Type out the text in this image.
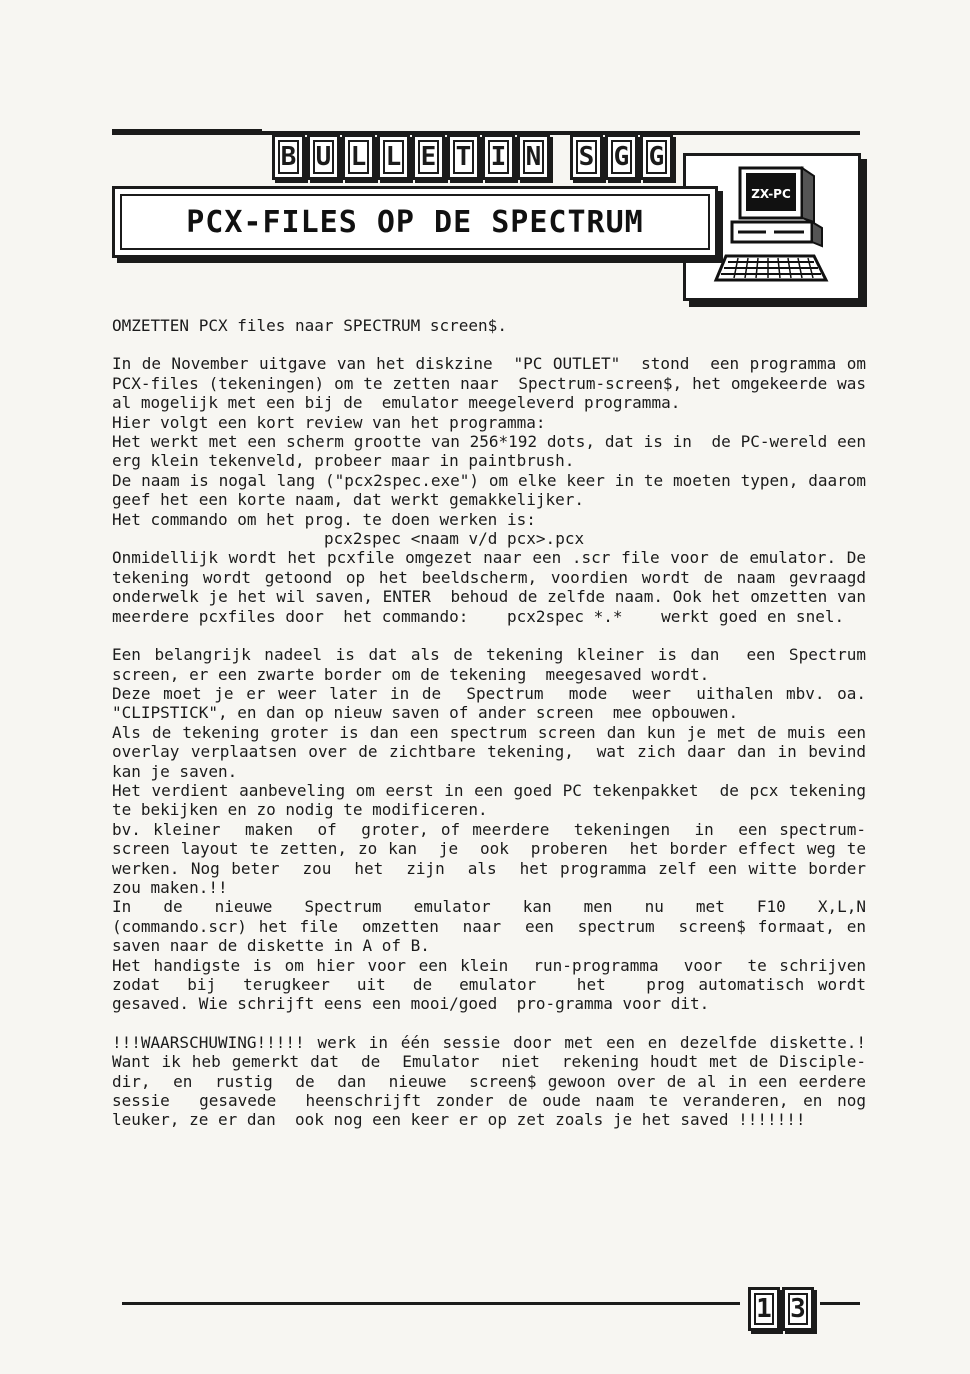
B U L L E T I N	S G G
ZX-PC
PCX-FILES OP DE SPECTRUM

OMZETTEN PCX files naar SPECTRUM screen$.

In de November uitgave van het diskzine  "PC OUTLET"  stond  een programma om PCX-files (tekeningen) om te zetten naar  Spectrum-screen$, het omgekeerde was al mogelijk met een bij de  emulator meegeleverd programma.

Hier volgt een kort review van het programma:

Het werkt met een scherm grootte van 256*192 dots, dat is in  de PC-wereld een erg klein tekenveld, probeer maar in paintbrush.

De naam is nogal lang ("pcx2spec.exe") om elke keer in te moeten typen, daarom geef het een korte naam, dat werkt gemakkelijker.

Het commando om het prog. te doen werken is:

pcx2spec <naam v/d pcx>.pcx

Onmidellijk wordt het pcxfile omgezet naar een .scr file voor de emulator. De tekening wordt getoond op het beeldscherm, voordien wordt de naam gevraagd onderwelk je het wil saven, ENTER  behoud de zelfde naam. Ook het omzetten van meerdere pcxfiles door  het commando:    pcx2spec *.*    werkt goed en snel.

Een belangrijk nadeel is dat als de tekening kleiner is dan  een Spectrum screen, er een zwarte border om de tekening  meegesaved wordt.

Deze moet je er weer later in de  Spectrum  mode  weer  uithalen mbv. oa. "CLIPSTICK", en dan op nieuw saven of ander screen  mee opbouwen.

Als de tekening groter is dan een spectrum screen dan kun je met de muis een overlay verplaatsen over de zichtbare tekening,  wat zich daar dan in bevind kan je saven.

Het verdient aanbeveling om eerst in een goed PC tekenpakket  de pcx tekening te bekijken en zo nodig te modificeren.

bv. kleiner  maken  of  groter, of meerdere  tekeningen  in  een spectrum-screen layout te zetten, zo kan  je  ook  proberen  het border effect weg te werken. Nog beter  zou  het  zijn  als  het programma zelf een witte border zou maken.!!

In  de  nieuwe  Spectrum  emulator  kan  men  nu  met  F10  X,L,N (commando.scr) het file  omzetten  naar  een  spectrum  screen$ formaat, en saven naar de diskette in A of B.

Het handigste is om hier voor een klein  run-programma  voor  te schrijven  zodat  bij  terugkeer  uit  de  emulator   het   prog automatisch wordt gesaved. Wie schrijft eens een mooi/goed  pro-gramma voor dit.

!!!WAARSCHUWING!!!!! werk in één sessie door met een en dezelfde diskette.! Want ik heb gemerkt dat  de  Emulator  niet  rekening houdt met de Disciple-dir,  en  rustig  de  dan  nieuwe  screen$ gewoon over de al in een eerdere  sessie  gesavede  heenschrijft zonder de oude naam te veranderen, en nog leuker, ze er dan  ook nog een keer er op zet zoals je het saved !!!!!!!

1 3
